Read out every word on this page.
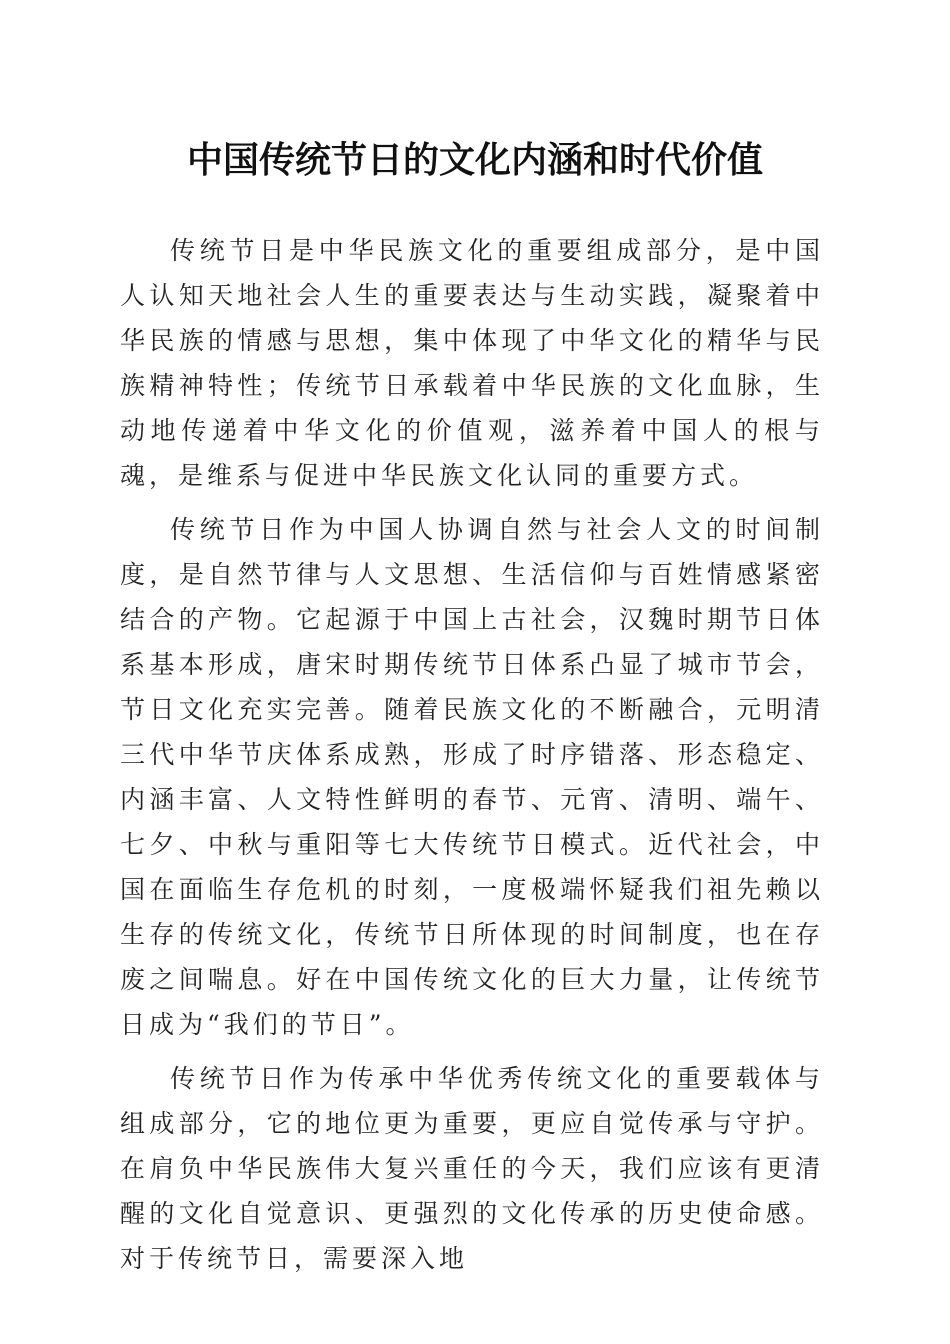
中国传统节日的文化内涵和时代价值

传统节日是中华民族文化的重要组成部分，是中国人认知天地社会人生的重要表达与生动实践，凝聚着中华民族的情感与思想，集中体现了中华文化的精华与民族精神特性；传统节日承载着中华民族的文化血脉，生动地传递着中华文化的价值观，滋养着中国人的根与魂，是维系与促进中华民族文化认同的重要方式。

传统节日作为中国人协调自然与社会人文的时间制度，是自然节律与人文思想、生活信仰与百姓情感紧密结合的产物。它起源于中国上古社会，汉魏时期节日体系基本形成，唐宋时期传统节日体系凸显了城市节会，节日文化充实完善。随着民族文化的不断融合，元明清三代中华节庆体系成熟，形成了时序错落、形态稳定、内涵丰富、人文特性鲜明的春节、元宵、清明、端午、七夕、中秋与重阳等七大传统节日模式。近代社会，中国在面临生存危机的时刻，一度极端怀疑我们祖先赖以生存的传统文化，传统节日所体现的时间制度，也在存废之间喘息。好在中国传统文化的巨大力量，让传统节日成为“我们的节日”。

传统节日作为传承中华优秀传统文化的重要载体与组成部分，它的地位更为重要，更应自觉传承与守护。在肩负中华民族伟大复兴重任的今天，我们应该有更清醒的文化自觉意识、更强烈的文化传承的历史使命感。对于传统节日，需要深入地
